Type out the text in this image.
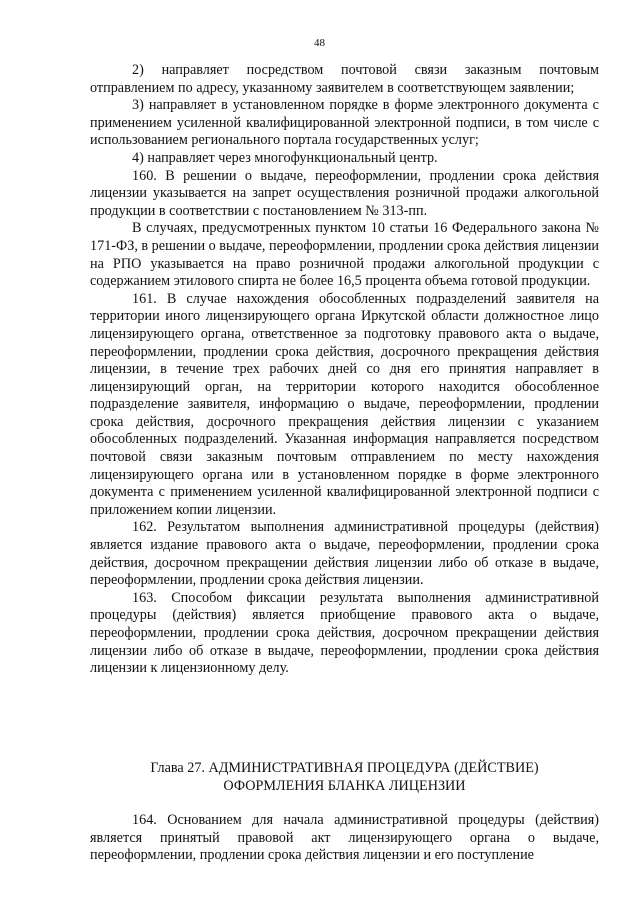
48

2) направляет посредством почтовой связи заказным почтовым отправлением по адресу, указанному заявителем в соответствующем заявлении;

3) направляет в установленном порядке в форме электронного документа с применением усиленной квалифицированной электронной подписи, в том числе с использованием регионального портала государственных услуг;

4) направляет через многофункциональный центр.

160. В решении о выдаче, переоформлении, продлении срока действия лицензии указывается на запрет осуществления розничной продажи алкогольной продукции в соответствии с постановлением № 313-пп.

В случаях, предусмотренных пунктом 10 статьи 16 Федерального закона № 171-ФЗ, в решении о выдаче, переоформлении, продлении срока действия лицензии на РПО указывается на право розничной продажи алкогольной продукции с содержанием этилового спирта не более 16,5 процента объема готовой продукции.

161. В случае нахождения обособленных подразделений заявителя на территории иного лицензирующего органа Иркутской области должностное лицо лицензирующего органа, ответственное за подготовку правового акта о выдаче, переоформлении, продлении срока действия, досрочного прекращения действия лицензии, в течение трех рабочих дней со дня его принятия направляет в лицензирующий орган, на территории которого находится обособленное подразделение заявителя, информацию о выдаче, переоформлении, продлении срока действия, досрочного прекращения действия лицензии с указанием обособленных подразделений. Указанная информация направляется посредством почтовой связи заказным почтовым отправлением по месту нахождения лицензирующего органа или в установленном порядке в форме электронного документа с применением усиленной квалифицированной электронной подписи с приложением копии лицензии.

162. Результатом выполнения административной процедуры (действия) является издание правового акта о выдаче, переоформлении, продлении срока действия, досрочном прекращении действия лицензии либо об отказе в выдаче, переоформлении, продлении срока действия лицензии.

163. Способом фиксации результата выполнения административной процедуры (действия) является приобщение правового акта о выдаче, переоформлении, продлении срока действия, досрочном прекращении действия лицензии либо об отказе в выдаче, переоформлении, продлении срока действия лицензии к лицензионному делу.

Глава 27. АДМИНИСТРАТИВНАЯ ПРОЦЕДУРА (ДЕЙСТВИЕ)
ОФОРМЛЕНИЯ БЛАНКА ЛИЦЕНЗИИ

164. Основанием для начала административной процедуры (действия) является принятый правовой акт лицензирующего органа о выдаче, переоформлении, продлении срока действия лицензии и его поступление
